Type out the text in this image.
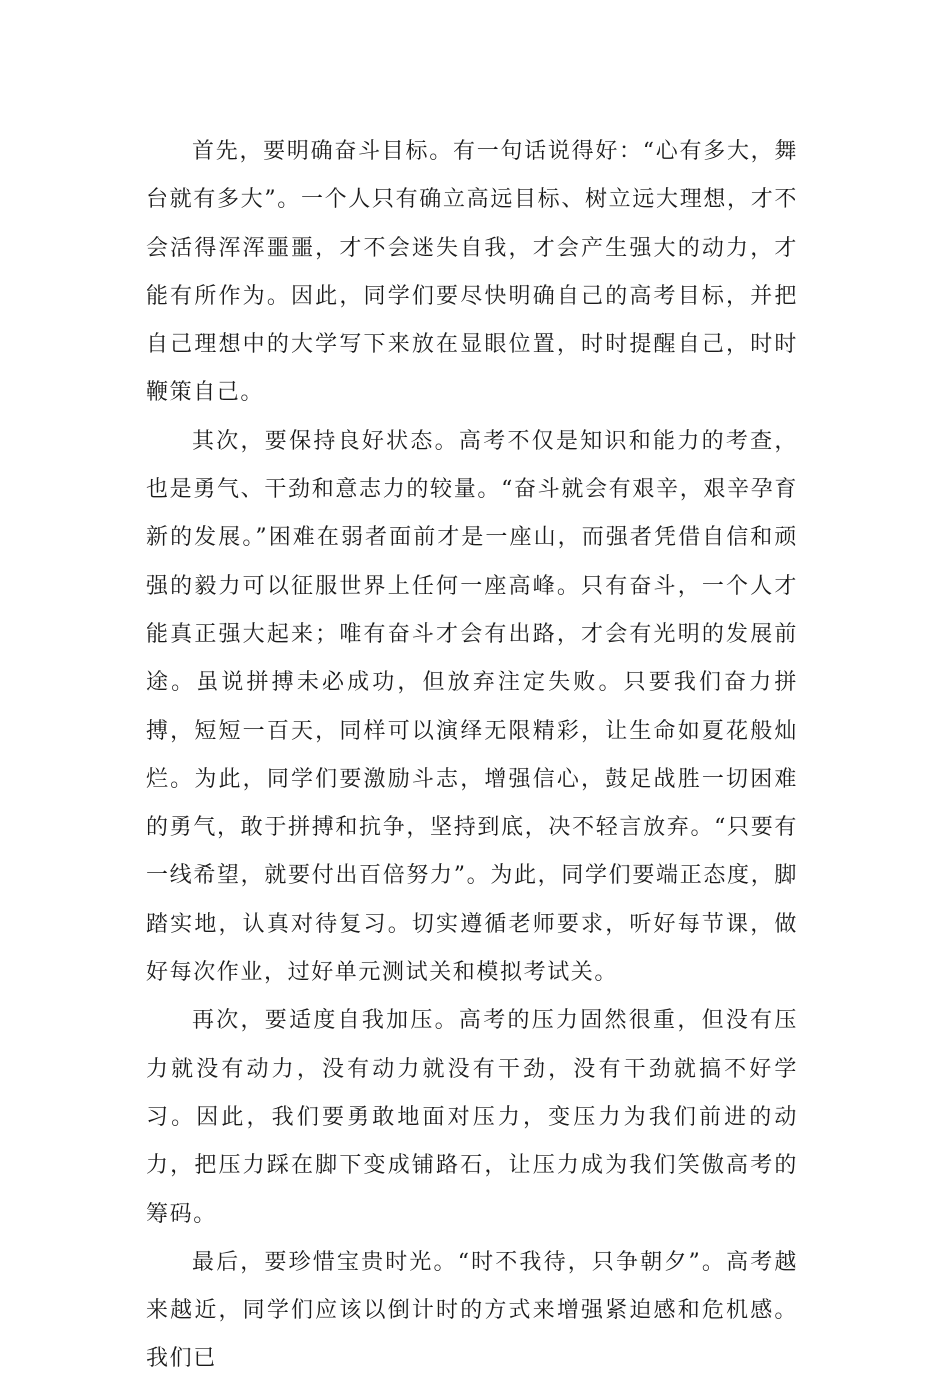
首先，要明确奋斗目标。有一句话说得好：“心有多大，舞台就有多大”。一个人只有确立高远目标、树立远大理想，才不会活得浑浑噩噩，才不会迷失自我，才会产生强大的动力，才能有所作为。因此，同学们要尽快明确自己的高考目标，并把自己理想中的大学写下来放在显眼位置，时时提醒自己，时时鞭策自己。

其次，要保持良好状态。高考不仅是知识和能力的考查，也是勇气、干劲和意志力的较量。“奋斗就会有艰辛，艰辛孕育新的发展。”困难在弱者面前才是一座山，而强者凭借自信和顽强的毅力可以征服世界上任何一座高峰。只有奋斗，一个人才能真正强大起来；唯有奋斗才会有出路，才会有光明的发展前途。虽说拼搏未必成功，但放弃注定失败。只要我们奋力拼搏，短短一百天，同样可以演绎无限精彩，让生命如夏花般灿烂。为此，同学们要激励斗志，增强信心，鼓足战胜一切困难的勇气，敢于拼搏和抗争，坚持到底，决不轻言放弃。“只要有一线希望，就要付出百倍努力”。为此，同学们要端正态度，脚踏实地，认真对待复习。切实遵循老师要求，听好每节课，做好每次作业，过好单元测试关和模拟考试关。

再次，要适度自我加压。高考的压力固然很重，但没有压力就没有动力，没有动力就没有干劲，没有干劲就搞不好学习。因此，我们要勇敢地面对压力，变压力为我们前进的动力，把压力踩在脚下变成铺路石，让压力成为我们笑傲高考的筹码。

最后，要珍惜宝贵时光。“时不我待，只争朝夕”。高考越来越近，同学们应该以倒计时的方式来增强紧迫感和危机感。我们已
